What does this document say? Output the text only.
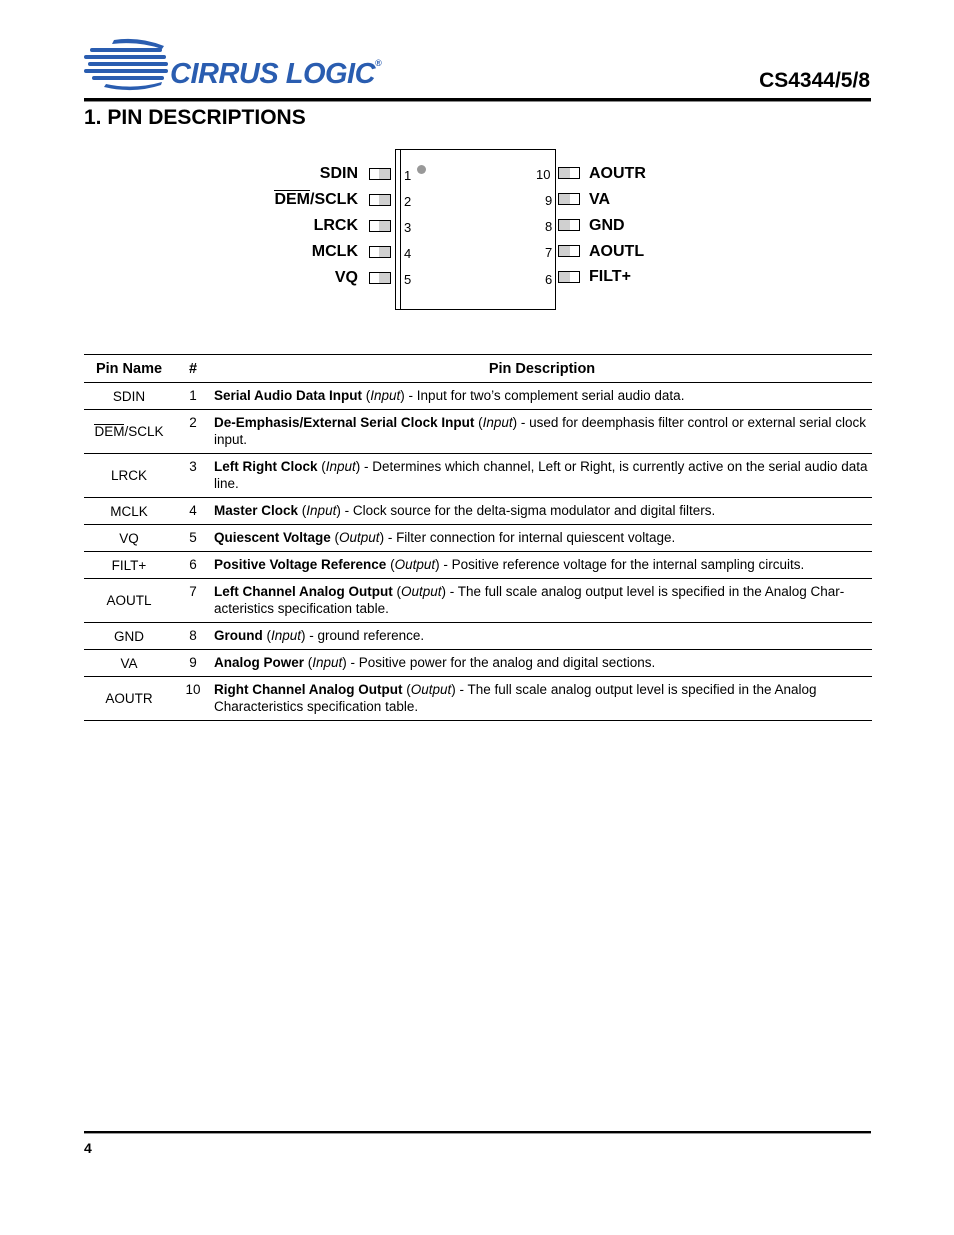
CIRRUS LOGIC®
CS4344/5/8
1. PIN DESCRIPTIONS
SDIN
DEM/SCLK
LRCK
MCLK
VQ
1
2
3
4
5
AOUTR
VA
GND
AOUTL
FILT+
10
9
8
7
6
Pin Name	#	Pin Description
SDIN	1	Serial Audio Data Input (Input) - Input for two’s complement serial audio data.
DEM/SCLK	2	De-Emphasis/External Serial Clock Input (Input) - used for deemphasis filter control or external serial clock input.
LRCK	3	Left Right Clock (Input) - Determines which channel, Left or Right, is currently active on the serial audio data line.
MCLK	4	Master Clock (Input) - Clock source for the delta-sigma modulator and digital filters.
VQ	5	Quiescent Voltage (Output) - Filter connection for internal quiescent voltage.
FILT+	6	Positive Voltage Reference (Output) - Positive reference voltage for the internal sampling circuits.
AOUTL	7	Left Channel Analog Output (Output) - The full scale analog output level is specified in the Analog Char-acteristics specification table.
GND	8	Ground (Input) - ground reference.
VA	9	Analog Power (Input) - Positive power for the analog and digital sections.
AOUTR	10	Right Channel Analog Output (Output) - The full scale analog output level is specified in the Analog Characteristics specification table.
4
